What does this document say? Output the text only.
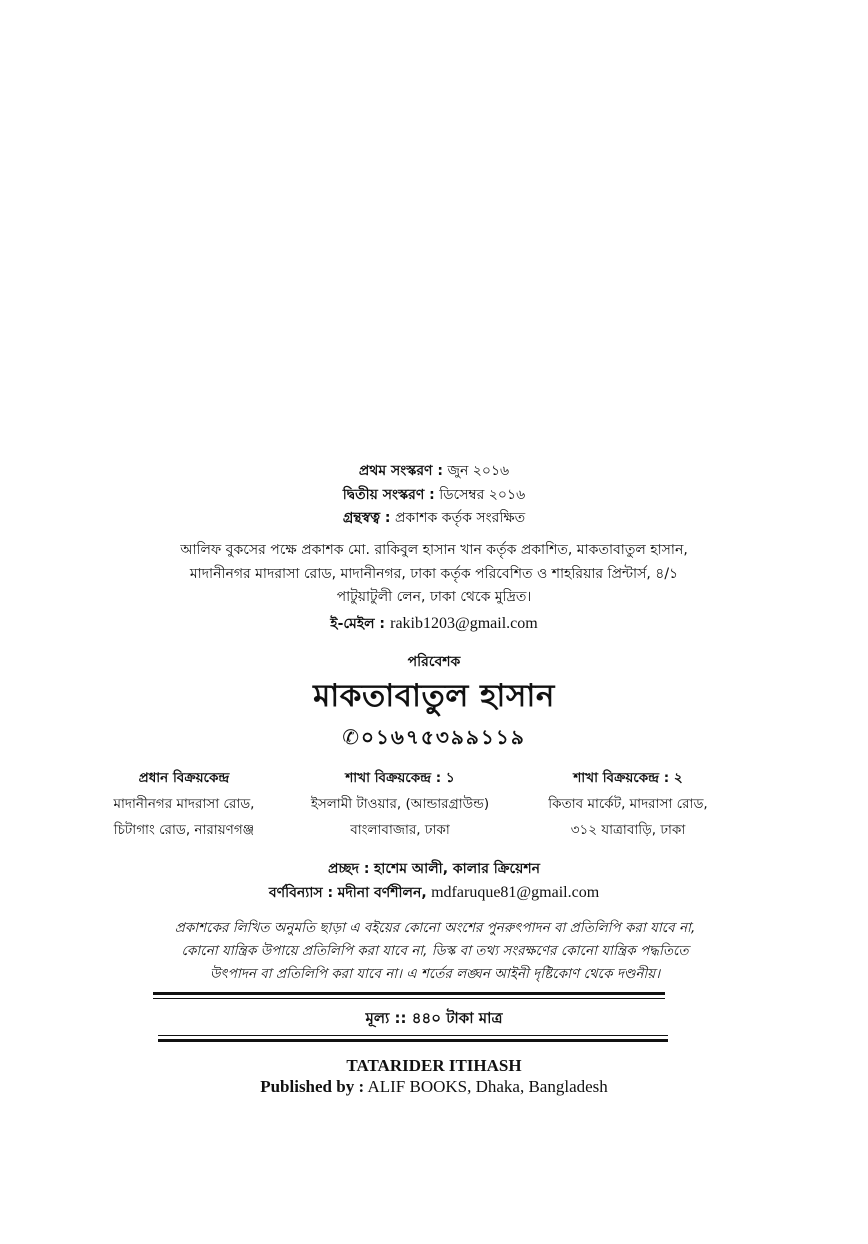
প্রথম সংস্করণ : জুন ২০১৬
দ্বিতীয় সংস্করণ : ডিসেম্বর ২০১৬
গ্রন্থস্বত্ব : প্রকাশক কর্তৃক সংরক্ষিত
আলিফ বুকসের পক্ষে প্রকাশক মো. রাকিবুল হাসান খান কর্তৃক প্রকাশিত, মাকতাবাতুল হাসান,
মাদানীনগর মাদরাসা রোড, মাদানীনগর, ঢাকা কর্তৃক পরিবেশিত ও শাহরিয়ার প্রিন্টার্স, ৪/১
পাটুয়াটুলী লেন, ঢাকা থেকে মুদ্রিত।
ই-মেইল : rakib1203@gmail.com
পরিবেশক
মাকতাবাতুল হাসান
✆০১৬৭৫৩৯৯১১৯
প্রধান বিক্রয়কেন্দ্র
মাদানীনগর মাদরাসা রোড,
চিটাগাং রোড, নারায়ণগঞ্জ
শাখা বিক্রয়কেন্দ্র : ১
ইসলামী টাওয়ার, (আন্ডারগ্রাউন্ড)
বাংলাবাজার, ঢাকা
শাখা বিক্রয়কেন্দ্র : ২
কিতাব মার্কেট, মাদরাসা রোড,
৩১২ যাত্রাবাড়ি, ঢাকা
প্রচ্ছদ : হাশেম আলী, কালার ক্রিয়েশন
বর্ণবিন্যাস : মদীনা বর্ণশীলন, mdfaruque81@gmail.com
প্রকাশকের লিখিত অনুমতি ছাড়া এ বইয়ের কোনো অংশের পুনরুৎপাদন বা প্রতিলিপি করা যাবে না,
কোনো যান্ত্রিক উপায়ে প্রতিলিপি করা যাবে না, ডিস্ক বা তথ্য সংরক্ষণের কোনো যান্ত্রিক পদ্ধতিতে
উৎপাদন বা প্রতিলিপি করা যাবে না। এ শর্তের লঙ্ঘন আইনী দৃষ্টিকোণ থেকে দণ্ডনীয়।
মূল্য :: ৪৪০ টাকা মাত্র
TATARIDER ITIHASH
Published by : ALIF BOOKS, Dhaka, Bangladesh
